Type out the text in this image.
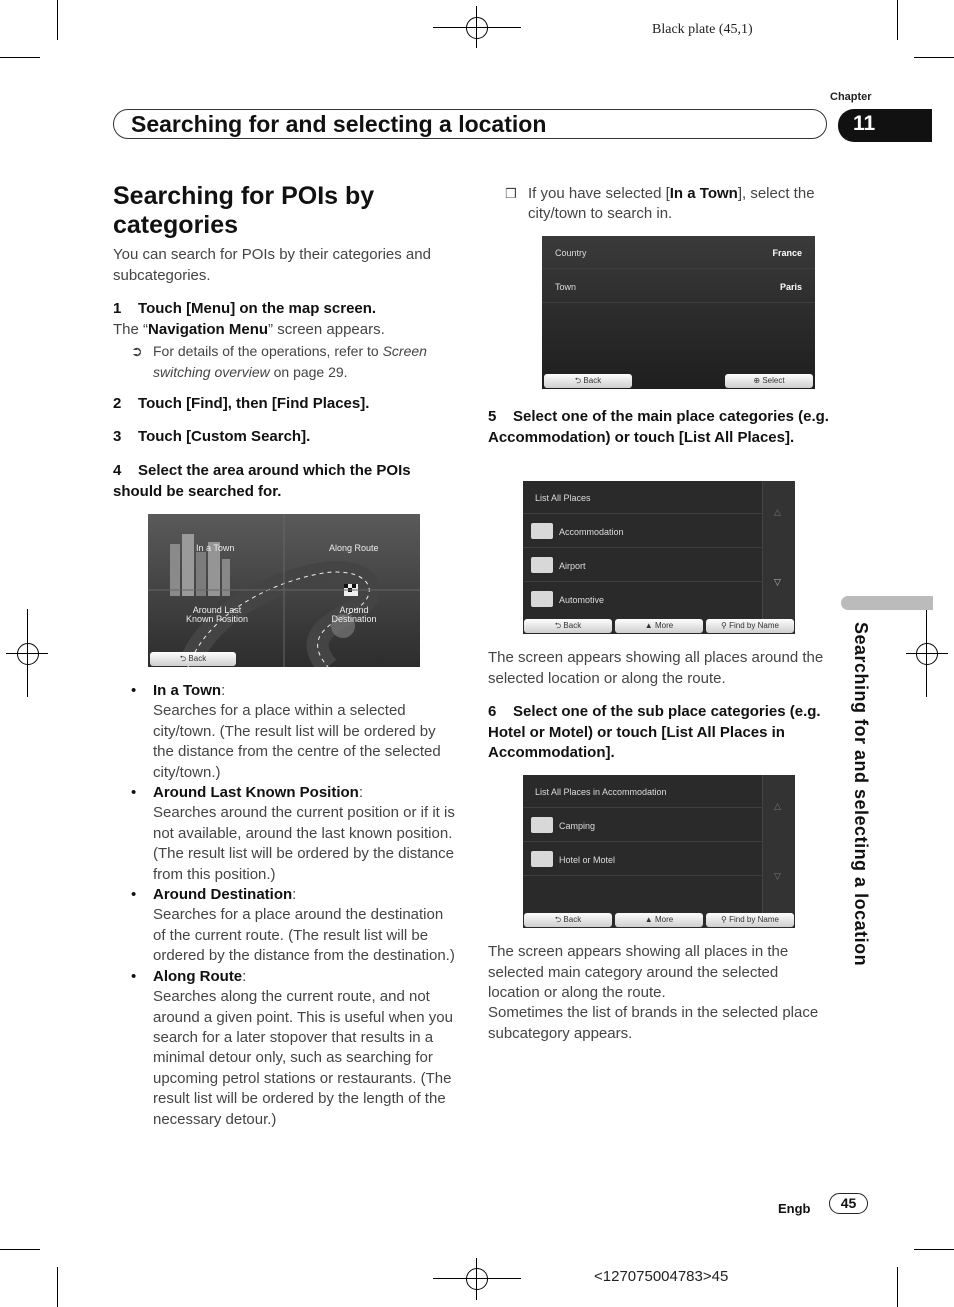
Black plate (45,1)
<127075004783>45
Chapter
Searching for and selecting a location	11
Searching for and selecting a location
Searching for POIs by categories
You can search for POIs by their categories and subcategories.
1 Touch [Menu] on the map screen.
The “Navigation Menu” screen appears.
➲ For details of the operations, refer to Screen switching overview on page 29.
2 Touch [Find], then [Find Places].
3 Touch [Custom Search].
4 Select the area around which the POIs should be searched for.
In a Town	Along Route
Around Last Known Position
Around Destination
⮌ Back
• In a Town:
Searches for a place within a selected city/town. (The result list will be ordered by the distance from the centre of the selected city/town.)
• Around Last Known Position:
Searches around the current position or if it is not available, around the last known position. (The result list will be ordered by the distance from this position.)
• Around Destination:
Searches for a place around the destination of the current route. (The result list will be ordered by the distance from the destination.)
• Along Route:
Searches along the current route, and not around a given point. This is useful when you search for a later stopover that results in a minimal detour only, such as searching for upcoming petrol stations or restaurants. (The result list will be ordered by the length of the necessary detour.)
❒ If you have selected [In a Town], select the city/town to search in.
Country	France
Town	Paris
⮌ Back	⊕ Select
5 Select one of the main place categories (e.g. Accommodation) or touch [List All Places].
△
▽
List All Places
Accommodation
Airport
Automotive
⮌ Back	▲ More	⚲ Find by Name
The screen appears showing all places around the selected location or along the route.
6 Select one of the sub place categories (e.g. Hotel or Motel) or touch [List All Places in Accommodation].
△
▽
List All Places in Accommodation
Camping
Hotel or Motel
⮌ Back	▲ More	⚲ Find by Name
The screen appears showing all places in the selected main category around the selected location or along the route.
Sometimes the list of brands in the selected place subcategory appears.
Engb	45
